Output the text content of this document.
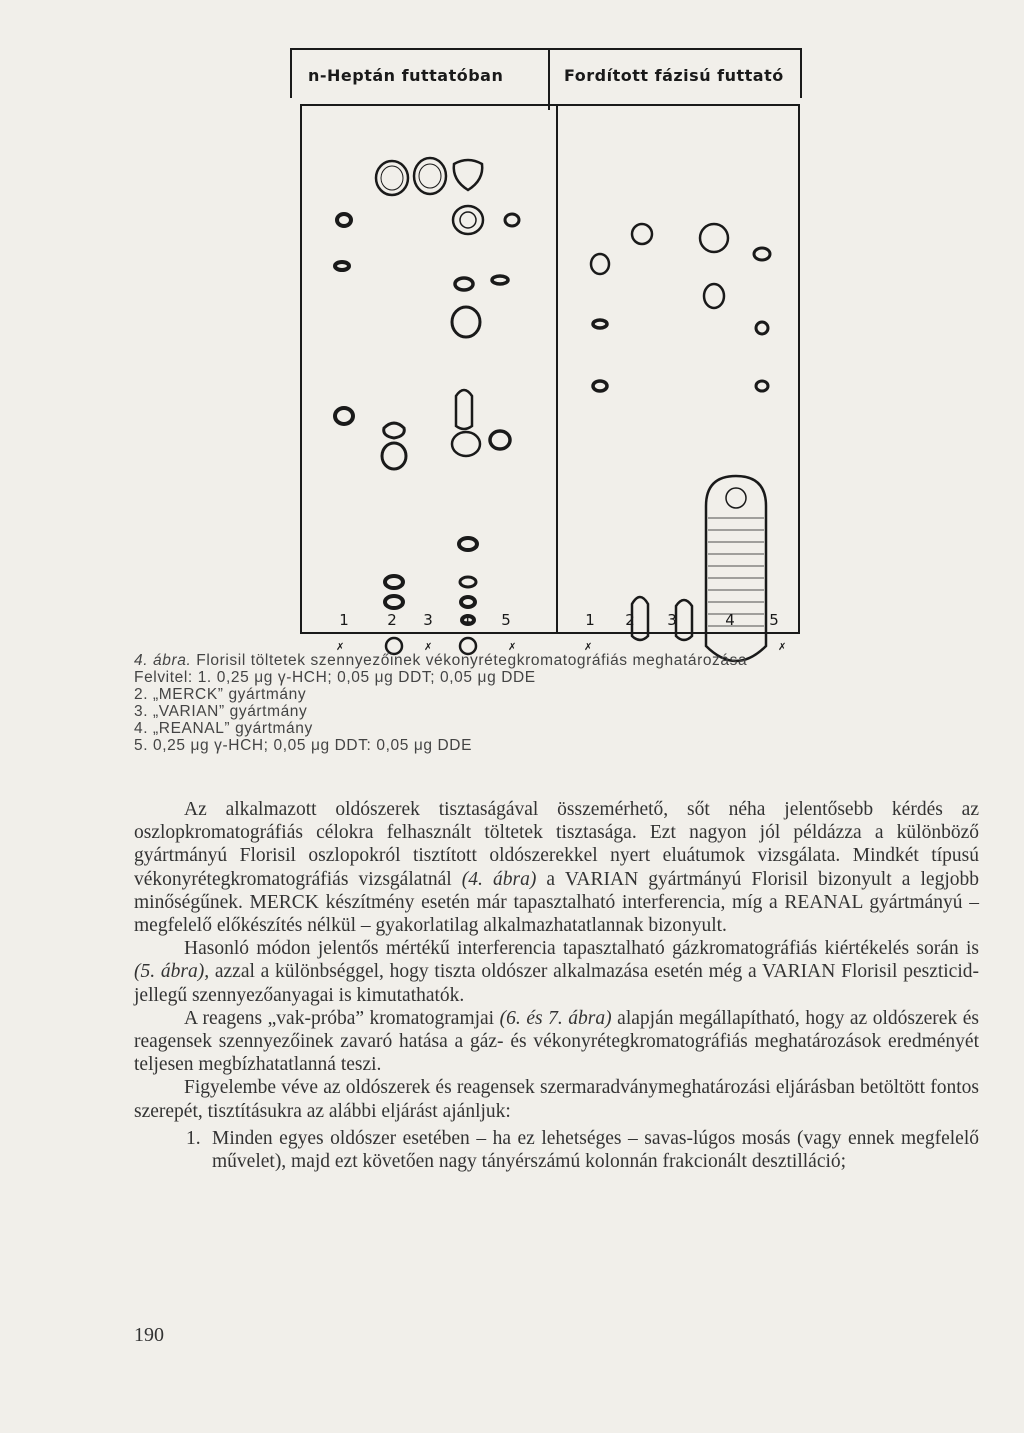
n-Heptán futtatóban	Fordított fázisú futtató
✗	✗	✗	✗	✗
1	2	3	4	5	1	2	3	4	5
4. ábra. Florisil töltetek szennyezőinek vékonyrétegkromatográfiás meghatározása
Felvitel: 1. 0,25 μg γ-HCH; 0,05 μg DDT; 0,05 μg DDE
2. „MERCK” gyártmány
3. „VARIAN” gyártmány
4. „REANAL” gyártmány
5. 0,25 μg γ-HCH; 0,05 μg DDT: 0,05 μg DDE

Az alkalmazott oldószerek tisztaságával összemérhető, sőt néha jelentősebb kérdés az oszlopkromatográfiás célokra felhasznált töltetek tisztasága. Ezt nagyon jól példázza a különböző gyártmányú Florisil oszlopokról tisztított oldószerekkel nyert eluátumok vizsgálata. Mindkét típusú vékonyrétegkromatográfiás vizsgálatnál (4. ábra) a VARIAN gyártmányú Florisil bizonyult a legjobb minőségűnek. MERCK készítmény esetén már tapasztalható interferencia, míg a REANAL gyártmányú – megfelelő előkészítés nélkül – gyakorlatilag alkalmazhatatlannak bizonyult.

Hasonló módon jelentős mértékű interferencia tapasztalható gázkromatográfiás kiértékelés során is (5. ábra), azzal a különbséggel, hogy tiszta oldószer alkalmazása esetén még a VARIAN Florisil peszticid-jellegű szennyezőanyagai is kimutathatók.

A reagens „vak-próba” kromatogramjai (6. és 7. ábra) alapján megállapítható, hogy az oldószerek és reagensek szennyezőinek zavaró hatása a gáz- és vékonyrétegkromatográfiás meghatározások eredményét teljesen megbízhatatlanná teszi.

Figyelembe véve az oldószerek és reagensek szermaradványmeghatározási eljárásban betöltött fontos szerepét, tisztításukra az alábbi eljárást ajánljuk:

1. Minden egyes oldószer esetében – ha ez lehetséges – savas-lúgos mosás (vagy ennek megfelelő művelet), majd ezt követően nagy tányérszámú kolonnán frakcionált desztilláció;

190
